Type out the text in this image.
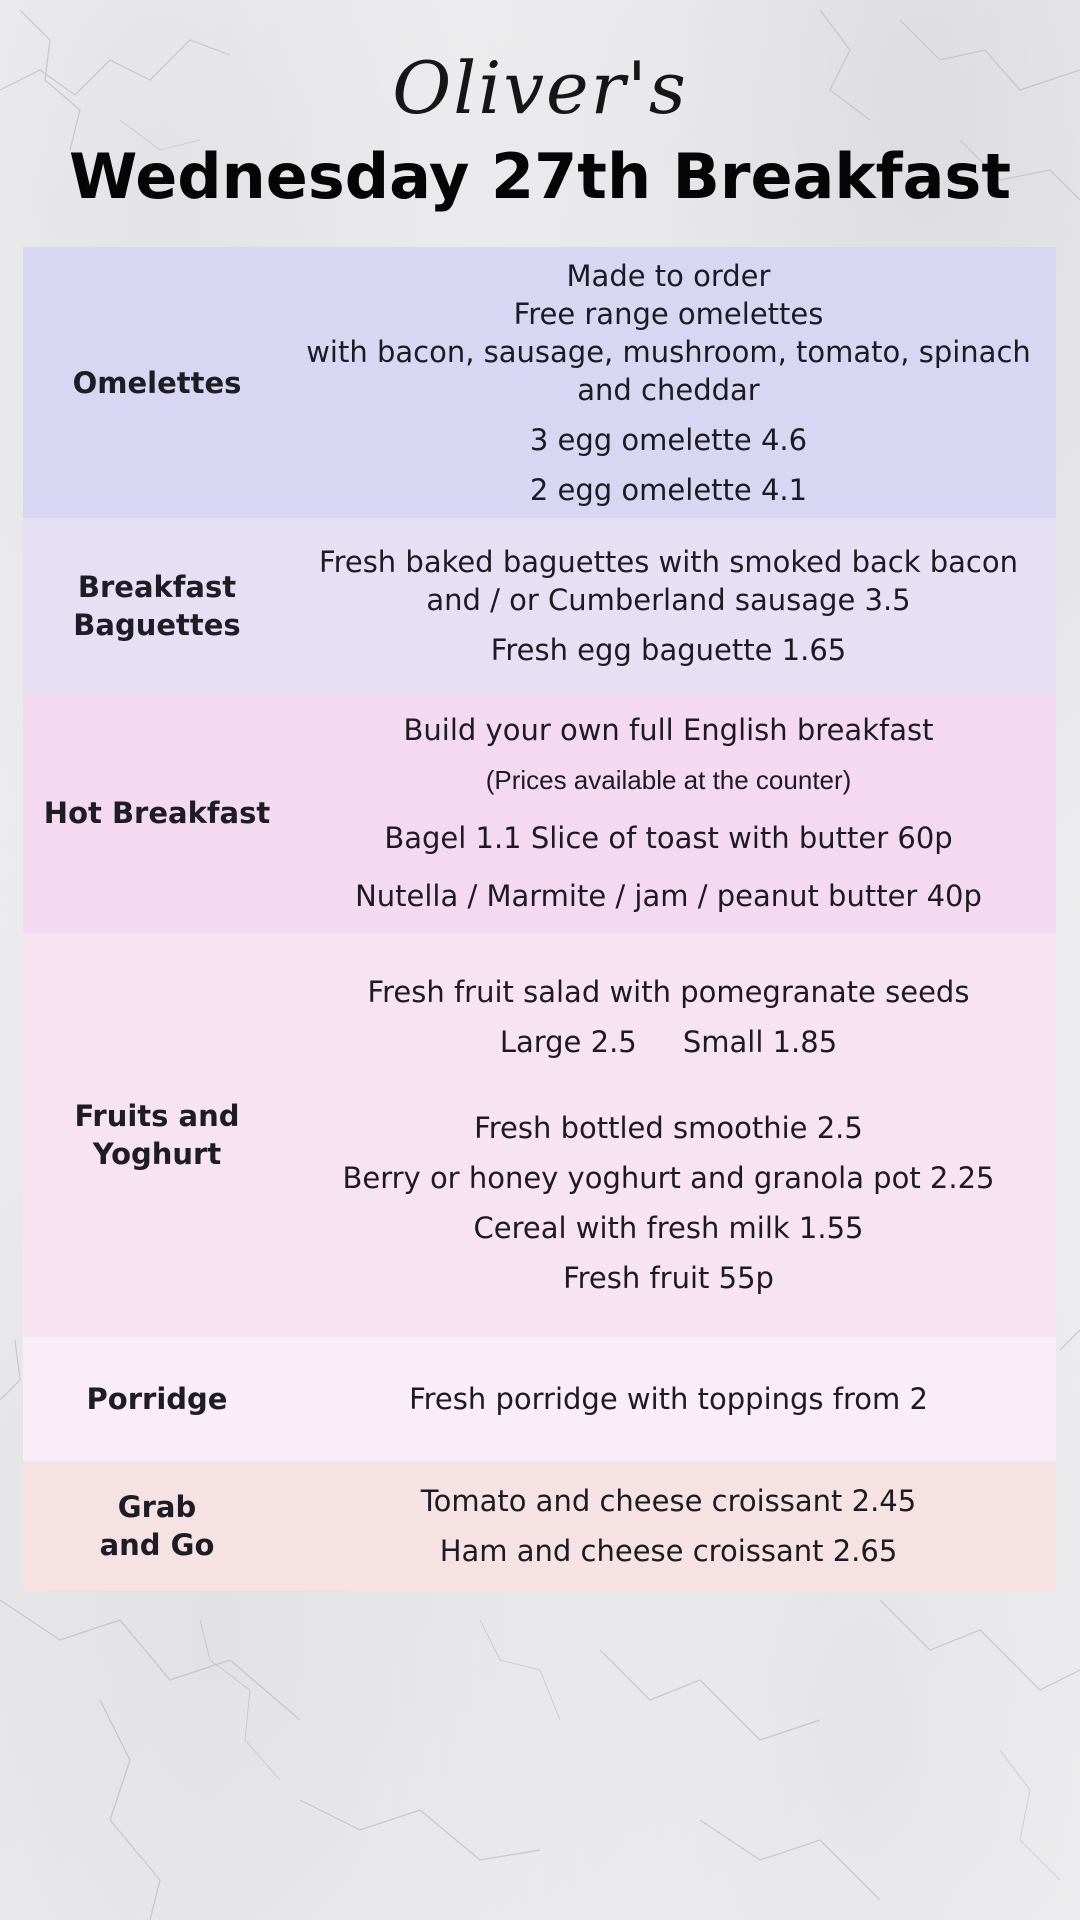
Oliver's
Wednesday 27th Breakfast
Omelettes
Made to order
Free range omelettes
with bacon, sausage, mushroom, tomato, spinach
and cheddar
3 egg omelette 4.6
2 egg omelette 4.1
Breakfast
Baguettes
Fresh baked baguettes with smoked back bacon
and / or Cumberland sausage 3.5
Fresh egg baguette 1.65
Hot Breakfast
Build your own full English breakfast
(Prices available at the counter)
Bagel 1.1 Slice of toast with butter 60p
Nutella / Marmite / jam / peanut butter 40p
Fruits and
Yoghurt
Fresh fruit salad with pomegranate seeds
Large 2.5     Small 1.85
Fresh bottled smoothie 2.5
Berry or honey yoghurt and granola pot 2.25
Cereal with fresh milk 1.55
Fresh fruit 55p
Porridge	Fresh porridge with toppings from 2
Grab
and Go
Tomato and cheese croissant 2.45
Ham and cheese croissant 2.65
